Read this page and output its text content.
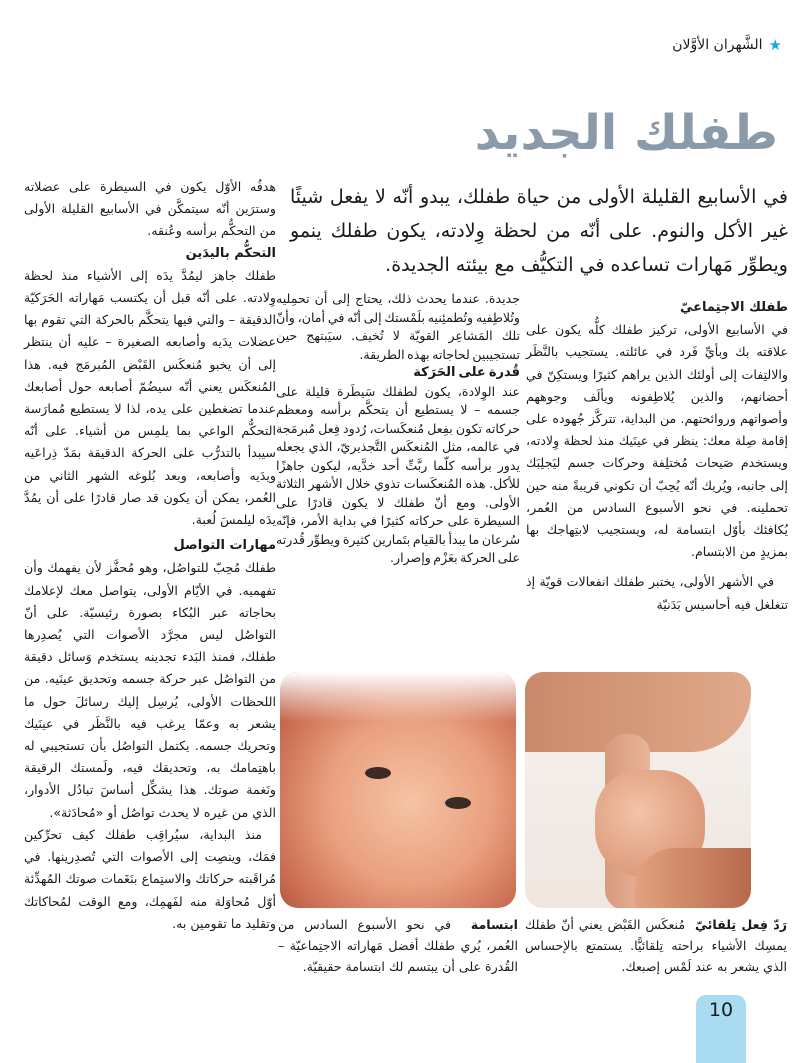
★
الشَّهران الأوَّلان
طفلك الجديد
في الأسابيع القليلة الأولى من حياة طفلك، يبدو أنّه لا يفعل شيئًا غير الأكل والنوم. على أنّه من لحظة وِلادته، يكون طفلك ينمو ويطوِّر مَهارات تساعده في التكيُّف مع بيئته الجديدة.
طفلك الاجتِماعيّ

في الأسابيع الأولى، تركيز طفلك كلُّه يكون على علاقته بك وبأيِّ فَرد في عائلته. يستجيب بالنَّظَر والالتِفات إلى أولئك الذين يراهم كثيرًا ويستكِنّ في أحضانهم، والذين يُلاطِفونه ويألَف وجوههم وأصواتهم وروائحتهم. من البداية، تتركَّز جُهوده على إقامة صِلة معك: ينظر في عينَيك منذ لحظة وِلادته، ويستخدم صَيحات مُختلِفة وحركات جسم ليَجلِبَك إلى جانبه، ويُريك أنّه يُحِبّ أن تكوني قريبةً منه حين تحملينه. في نحو الأسبوع السادس من العُمر، يُكافئك بأوّل ابتسامة له، ويستجيب لابتِهاجك بها بمزيدٍ من الابتسام.

في الأشهر الأولى، يختبر طفلك انفعالات قويّة إذ تتغلغل فيه أحاسيس بَدَنيّة

جديدة. عندما يحدث ذلك، يحتاج إلى أن تحمِليه وتُلاطِفيه وتُطمئِنيه بلَمْستك إلى أنّه في أمان، وأنّ تلك المَشاعِر القويّة لا تُخيف. سيَبتهج حين تستجيبين لحاجاته بهذه الطريقة.

قُدرة على الحَرَكة

عند الوِلادة، يكون لطفلك سَيطَرة قليلة على جسمه – لا يستطيع أن يتحكَّم برأسه ومعظم حركاته تكون بفِعل مُنعكَسات، رُدود فِعل مُبرمَجة في عالمه، مثل المُنعكَس التَّجذيريّ، الذي يجعله يدور برأسه كلّما ربَّتِّ أحد خدَّيه، ليكون جاهزًا للأكل. هذه المُنعكَسات تذوي خلال الأشهر الثلاثة الأولى. ومع أنّ طفلك لا يكون قادرًا على السيطرة على حركاته كثيرًا في بداية الأمر، فإنّه سُرعان ما يبدأ بالقيام بتَمارين كثيرة ويطوِّر قُدرته على الحركة بعَزْم وإصرار.

هدفُه الأوّل يكون في السيطرة على عضلاته وسترَين أنّه سيتمكَّن في الأسابيع القليلة الأولى من التحكُّم برأسه وعُنقه.

التحكُّم باليدَين

طفلك جاهز ليمُدَّ يدَه إلى الأشياء منذ لحظة وِلادته. على أنّه قبل أن يكتسب مَهاراته الحَرَكيّة الدقيقة – والتي فيها يتحكَّم بالحركة التي تقوم بها عضلات يدَيه وأصابعه الصغيرة – عليه أن ينتظر إلى أن يخبو مُنعكَس القَبْض المُبرمَج فيه. هذا المُنعكَس يعني أنّه سيضُمّ أصابعه حول أصابعك عندما تضغطين على يده، لذا لا يستطيع مُمارَسة التحكُّم الواعي بما يلمِس من أشياء. على أنّه سيبدأ بالتدرُّب على الحركة الدقيقة بمَدّ ذِراعَيه ويدَيه وأصابعه، وبعد بُلوغه الشهر الثاني من العُمر، يمكن أن يكون قد صار قادرًا على أن يمُدَّ يدَه ليلمسَ لُعبة.

مهارات التواصل

طفلك مُحِبّ للتواصُل، وهو مُحفَّز لأن يفهمك وأن تفهميه. في الأيّام الأولى، يتواصل معك لإعلامك بحاجاته عبر البُكاء بصورة رئيسيّة. على أنّ التواصُل ليس مجرَّد الأصوات التي يُصدِرها طفلك، فمنذ البَدء تجدينه يستخدم وَسائل دقيقة من التواصُل عبر حركة جسمه وتحديق عينَيه. من اللحظات الأولى، يُرسِل إليك رسائلَ حول ما يشعر به وعمّا يرغب فيه بالنَّظَر في عينَيك وتحريك جسمه. يكتمل التواصُل بأن تستجيبي له باهتِمامك به، وتحديقك فيه، ولَمستك الرقيقة ونَغمة صوتك. هذا يشكِّل أساسَ تبادُل الأدوار، الذي من غيره لا يحدث تواصُل أو «مُحادَثة».

منذ البداية، سيُراقِب طفلك كيف تحرِّكين فمَك، وينصِت إلى الأصوات التي تُصدِرينها. في مُراقَبته حركاتك والاستِماع بنَغَمات صوتك المُهدِّئة أوّل مُحاوَلة منه لفَهمِك، ومع الوقت لمُحاكاتك وتقليد ما تقومين به.	رَدّ فِعل تِلقائيّ  مُنعكَس القَبْض يعني أنّ طفلك يمسِك الأشياء براحته تِلقائيًّا. يستمتع بالإحساس الذي يشعر به عند لَمْس إصبعك.
ابتسامة  في نحو الأسبوع السادس من العُمر، يُري طفلك أفضل مَهاراته الاجتِماعيّة – القُدرة على أن يبتسم لك ابتسامة حقيقيّة.
10
